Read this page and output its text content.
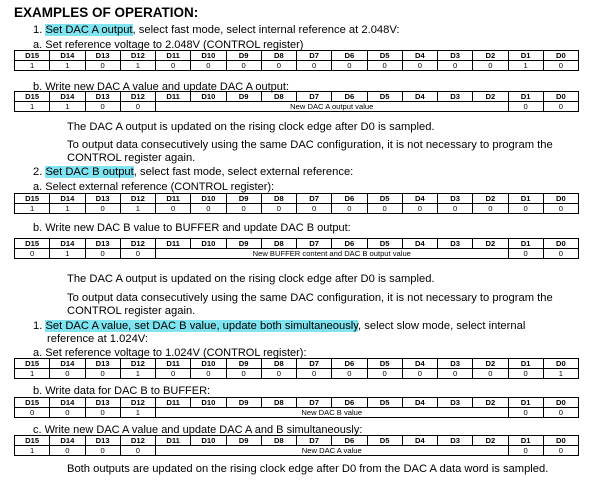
EXAMPLES OF OPERATION:
1. Set DAC A output, select fast mode, select internal reference at 2.048V:
a. Set reference voltage to 2.048V (CONTROL register)
D15	D14	D13	D12	D11	D10	D9	D8	D7	D6	D5	D4	D3	D2	D1	D0
1	1	0	1	0	0	0	0	0	0	0	0	0	0	1	0
b. Write new DAC A value and update DAC A output:
D15	D14	D13	D12	D11	D10	D9	D8	D7	D6	D5	D4	D3	D2	D1	D0
1	1	0	0	New DAC A output value										0	0
The DAC A output is updated on the rising clock edge after D0 is sampled.
To output data consecutively using the same DAC configuration, it is not necessary to program the
CONTROL register again.
2. Set DAC B output, select fast mode, select external reference:
a. Select external reference (CONTROL register):
D15	D14	D13	D12	D11	D10	D9	D8	D7	D6	D5	D4	D3	D2	D1	D0
1	1	0	1	0	0	0	0	0	0	0	0	0	0	0	0
b. Write new DAC B value to BUFFER and update DAC B output:
D15	D14	D13	D12	D11	D10	D9	D8	D7	D6	D5	D4	D3	D2	D1	D0
0	1	0	0	New BUFFER content and DAC B output value										0	0
The DAC A output is updated on the rising clock edge after D0 is sampled.
To output data consecutively using the same DAC configuration, it is not necessary to program the
CONTROL register again.
1. Set DAC A value, set DAC B value, update both simultaneously, select slow mode, select internal
reference at 1.024V:
a. Set reference voltage to 1.024V (CONTROL register):
D15	D14	D13	D12	D11	D10	D9	D8	D7	D6	D5	D4	D3	D2	D1	D0
1	0	0	1	0	0	0	0	0	0	0	0	0	0	0	1
b. Write data for DAC B to BUFFER:
D15	D14	D13	D12	D11	D10	D9	D8	D7	D6	D5	D4	D3	D2	D1	D0
0	0	0	1	New DAC B value										0	0
c. Write new DAC A value and update DAC A and B simultaneously:
D15	D14	D13	D12	D11	D10	D9	D8	D7	D6	D5	D4	D3	D2	D1	D0
1	0	0	0	New DAC A value										0	0
Both outputs are updated on the rising clock edge after D0 from the DAC A data word is sampled.
